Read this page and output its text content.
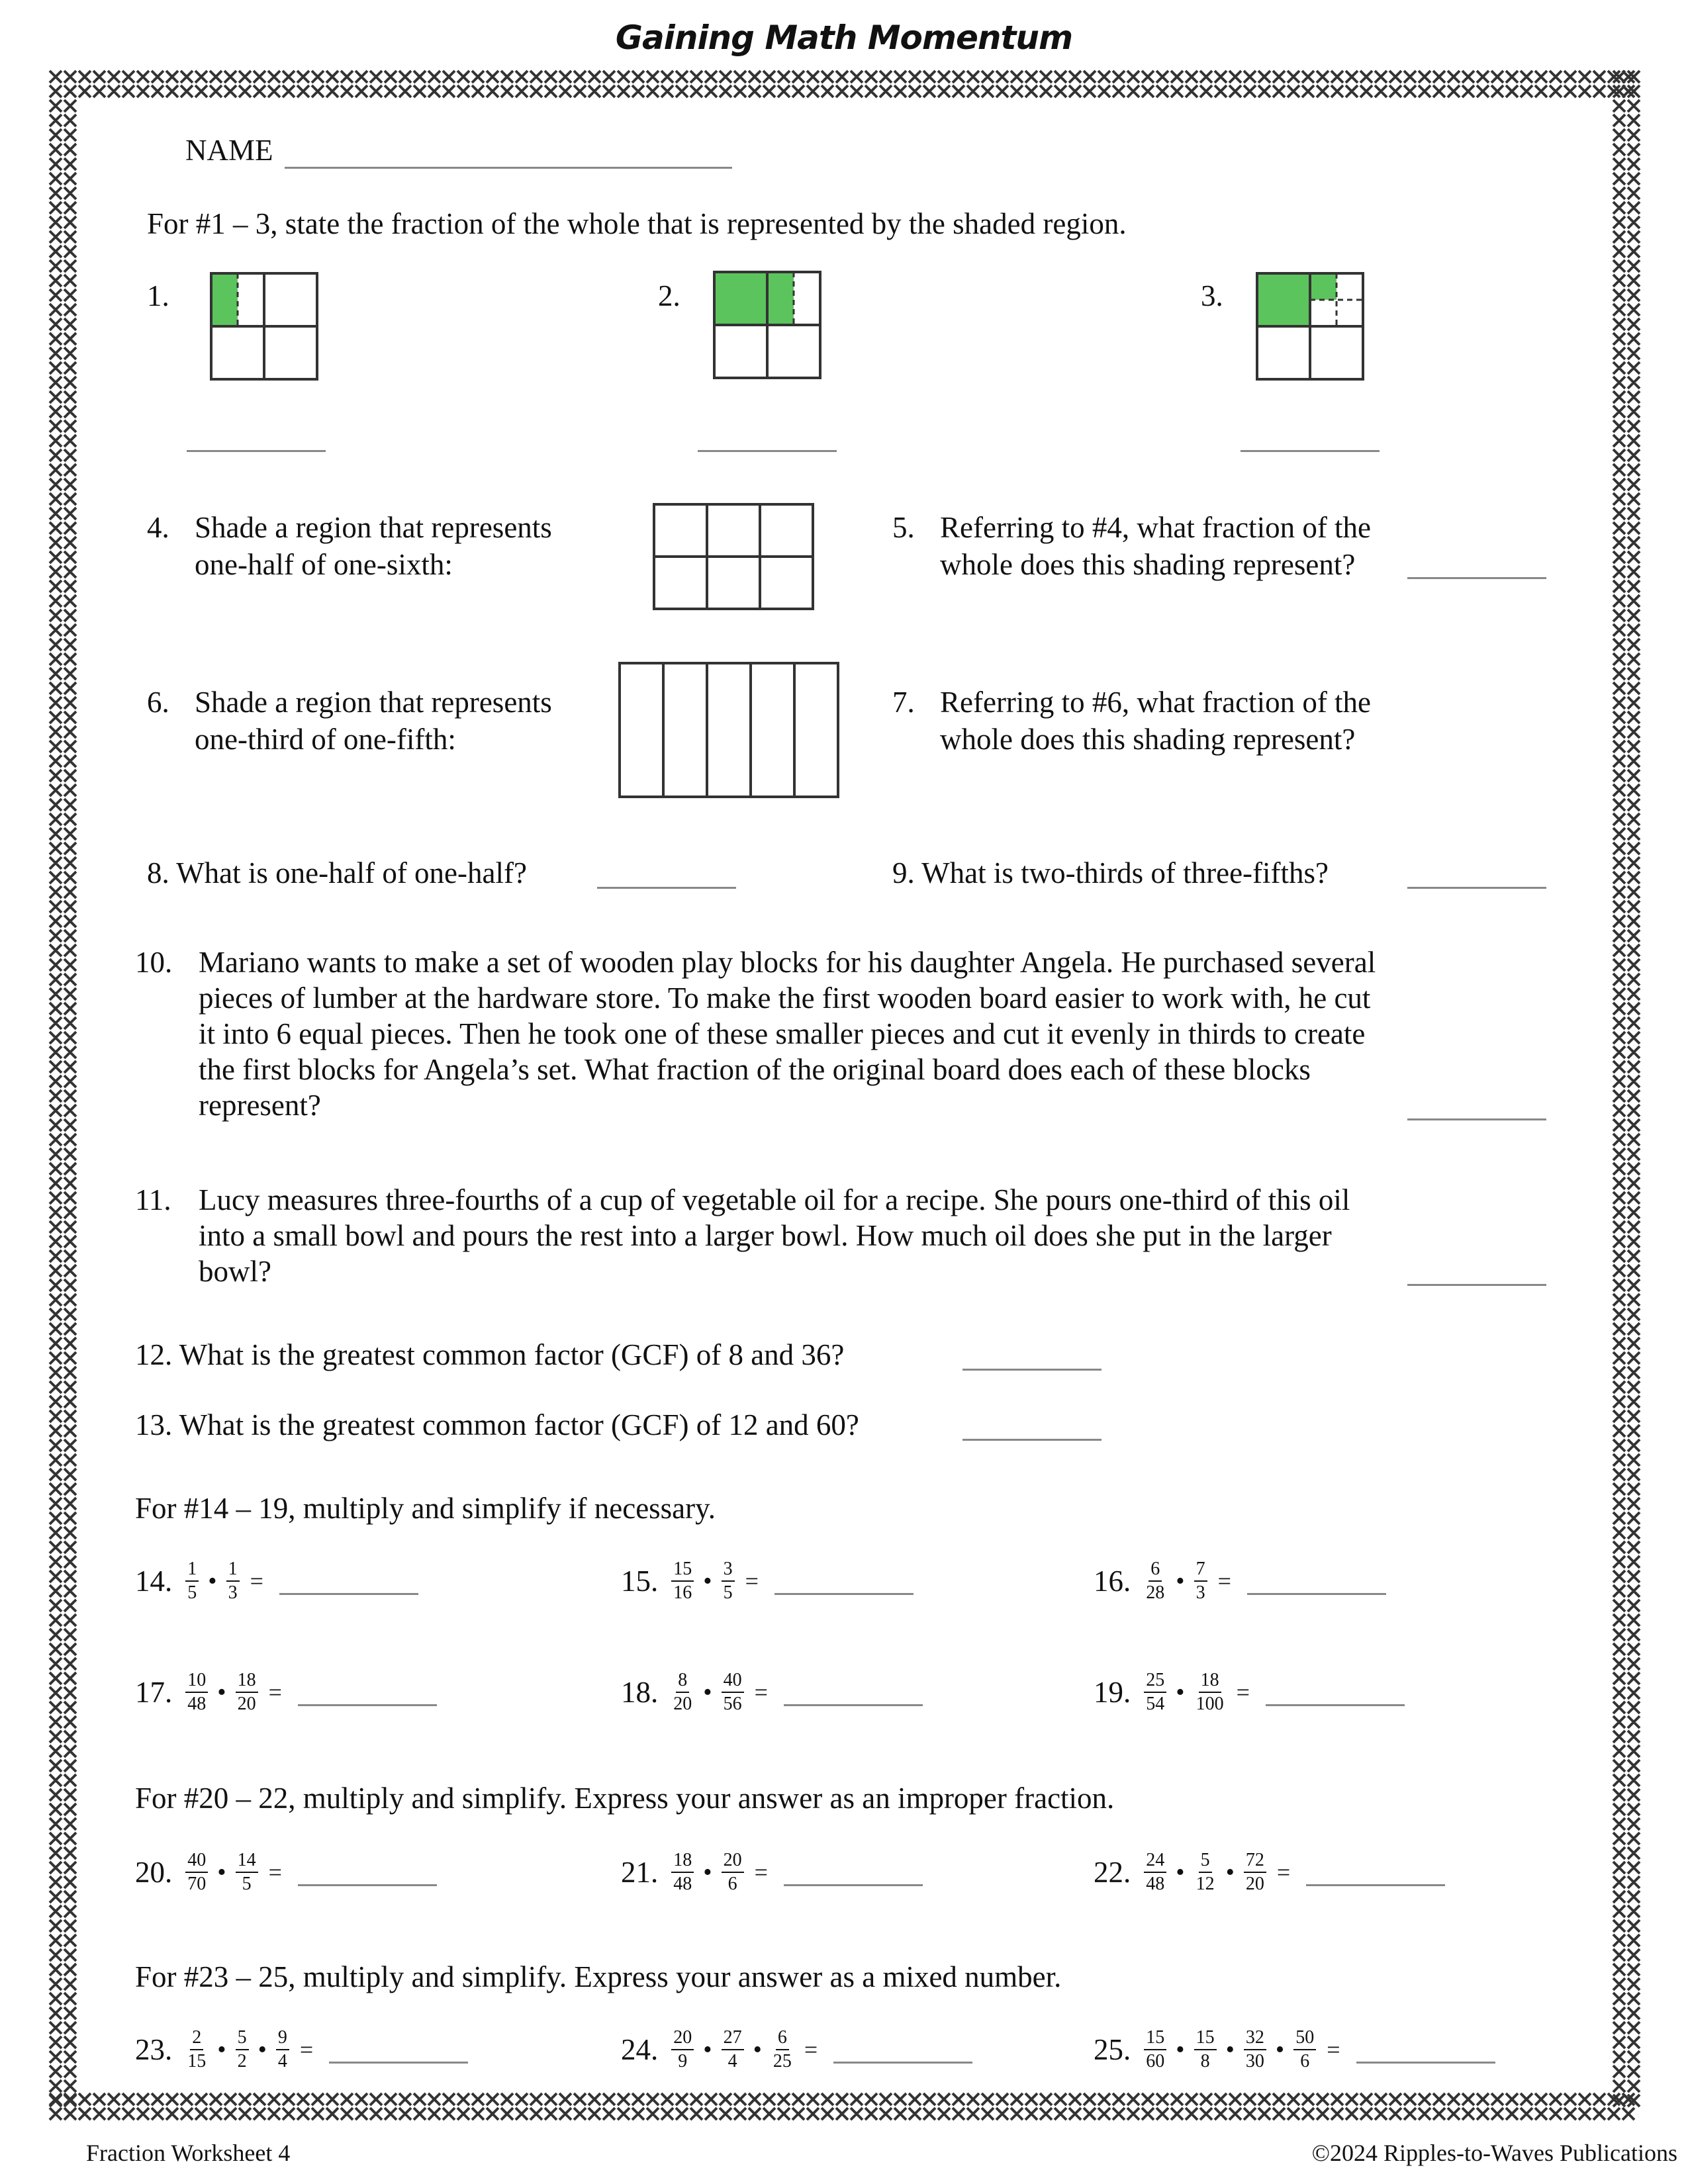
Gaining Math Momentum
NAME
For #1 – 3, state the fraction of the whole that is represented by the shaded region.
1.	2.	3.
4. Shade a region that represents
one-half of one-sixth:
5. Referring to #4, what fraction of the
whole does this shading represent?
6. Shade a region that represents
one-third of one-fifth:
7. Referring to #6, what fraction of the
whole does this shading represent?
8. What is one-half of one-half?	9. What is two-thirds of three-fifths?
10. Mariano wants to make a set of wooden play blocks for his daughter Angela. He purchased several pieces of lumber at the hardware store. To make the first wooden board easier to work with, he cut it into 6 equal pieces. Then he took one of these smaller pieces and cut it evenly in thirds to create the first blocks for Angela’s set. What fraction of the original board does each of these blocks represent?
11. Lucy measures three-fourths of a cup of vegetable oil for a recipe. She pours one-third of this oil into a small bowl and pours the rest into a larger bowl. How much oil does she put in the larger bowl?
12. What is the greatest common factor (GCF) of 8 and 36?
13. What is the greatest common factor (GCF) of 12 and 60?
For #14 – 19, multiply and simplify if necessary.
14. $\frac{1}{5}$ • $\frac{1}{3}$ =	15. $\frac{15}{16}$ • $\frac{3}{5}$ =	16. $\frac{6}{28}$ • $\frac{7}{3}$ =
17. $\frac{10}{48}$ • $\frac{18}{20}$ =	18. $\frac{8}{20}$ • $\frac{40}{56}$ =	19. $\frac{25}{54}$ • $\frac{18}{100}$ =
For #20 – 22, multiply and simplify. Express your answer as an improper fraction.
20. $\frac{40}{70}$ • $\frac{14}{5}$ =	21. $\frac{18}{48}$ • $\frac{20}{6}$ =	22. $\frac{24}{48}$ • $\frac{5}{12}$ • $\frac{72}{20}$ =
For #23 – 25, multiply and simplify. Express your answer as a mixed number.
23. $\frac{2}{15}$ • $\frac{5}{2}$ • $\frac{9}{4}$ =	24. $\frac{20}{9}$ • $\frac{27}{4}$ • $\frac{6}{25}$ =	25. $\frac{15}{60}$ • $\frac{15}{8}$ • $\frac{32}{30}$ • $\frac{50}{6}$ =
Fraction Worksheet 4	©2024 Ripples-to-Waves Publications
